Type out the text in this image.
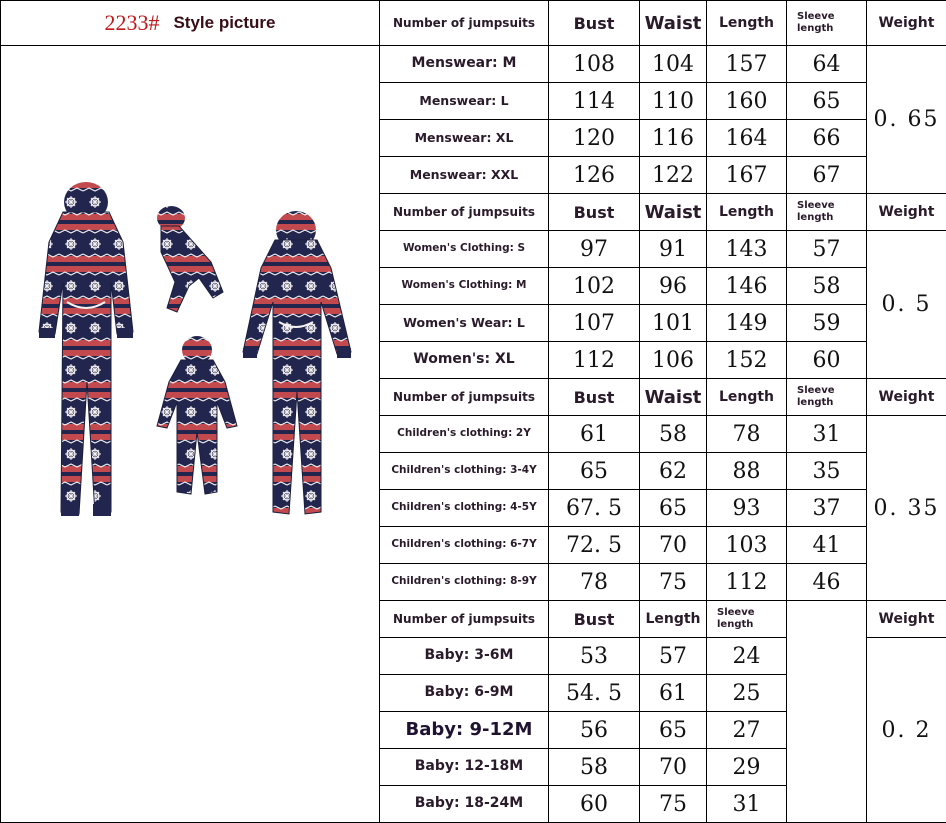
2233# Style picture	Number of jumpsuits	Bust	Waist	Length	Sleeve length	Weight

	Menswear: M	108	104	157	64	0. 65
	Menswear: L	114	110	160	65	
	Menswear: XL	120	116	164	66	
	Menswear: XXL	126	122	167	67	
	Number of jumpsuits	Bust	Waist	Length	Sleeve length	Weight
	Women's Clothing: S	97	91	143	57	0. 5
	Women's Clothing: M	102	96	146	58	
	Women's Wear: L	107	101	149	59	
	Women's: XL	112	106	152	60	
	Number of jumpsuits	Bust	Waist	Length	Sleeve length	Weight
	Children's clothing: 2Y	61	58	78	31	0. 35
	Children's clothing: 3-4Y	65	62	88	35	
	Children's clothing: 4-5Y	67. 5	65	93	37	
	Children's clothing: 6-7Y	72. 5	70	103	41	
	Children's clothing: 8-9Y	78	75	112	46	
	Number of jumpsuits	Bust	Length	Sleeve length		Weight
	Baby: 3-6M	53	57	24		0. 2
	Baby: 6-9M	54. 5	61	25		
	Baby: 9-12M	56	65	27		
	Baby: 12-18M	58	70	29		
	Baby: 18-24M	60	75	31		
